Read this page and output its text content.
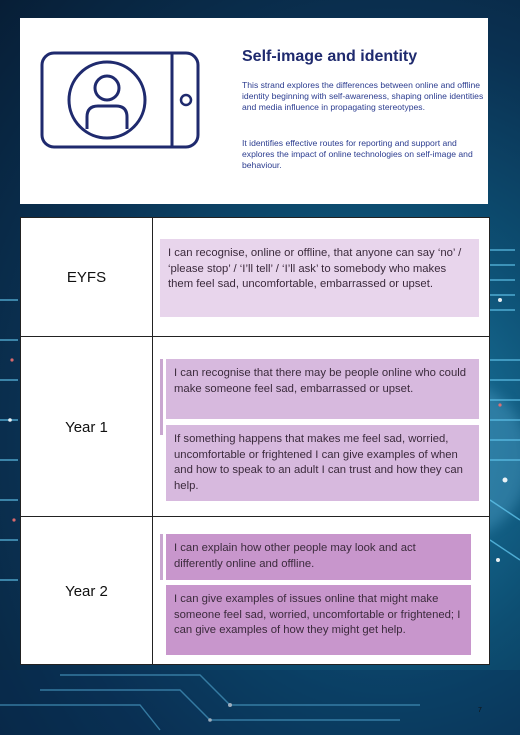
Self-image and identity
This strand explores the differences between online and offline identity beginning with self-awareness, shaping online identities and media influence in propagating stereotypes.
It identifies effective routes for reporting and support and explores the impact of online technologies on self-image and behaviour.
EYFS
I can recognise, online or offline, that anyone can say ‘no’ / ‘please stop’ / ‘I’ll tell’ / ‘I’ll ask’ to somebody who makes them feel sad, uncomfortable, embarrassed or upset.
Year 1
I can recognise that there may be people online who could make someone feel sad, embarrassed or upset.
If something happens that makes me feel sad, worried, uncomfortable or frightened I can give examples of when and how to speak to an adult I can trust and how they can help.
Year 2
I can explain how other people may look and act differently online and offline.
I can give examples of issues online that might make someone feel sad, worried, uncomfortable or frightened; I can give examples of how they might get help.
7
